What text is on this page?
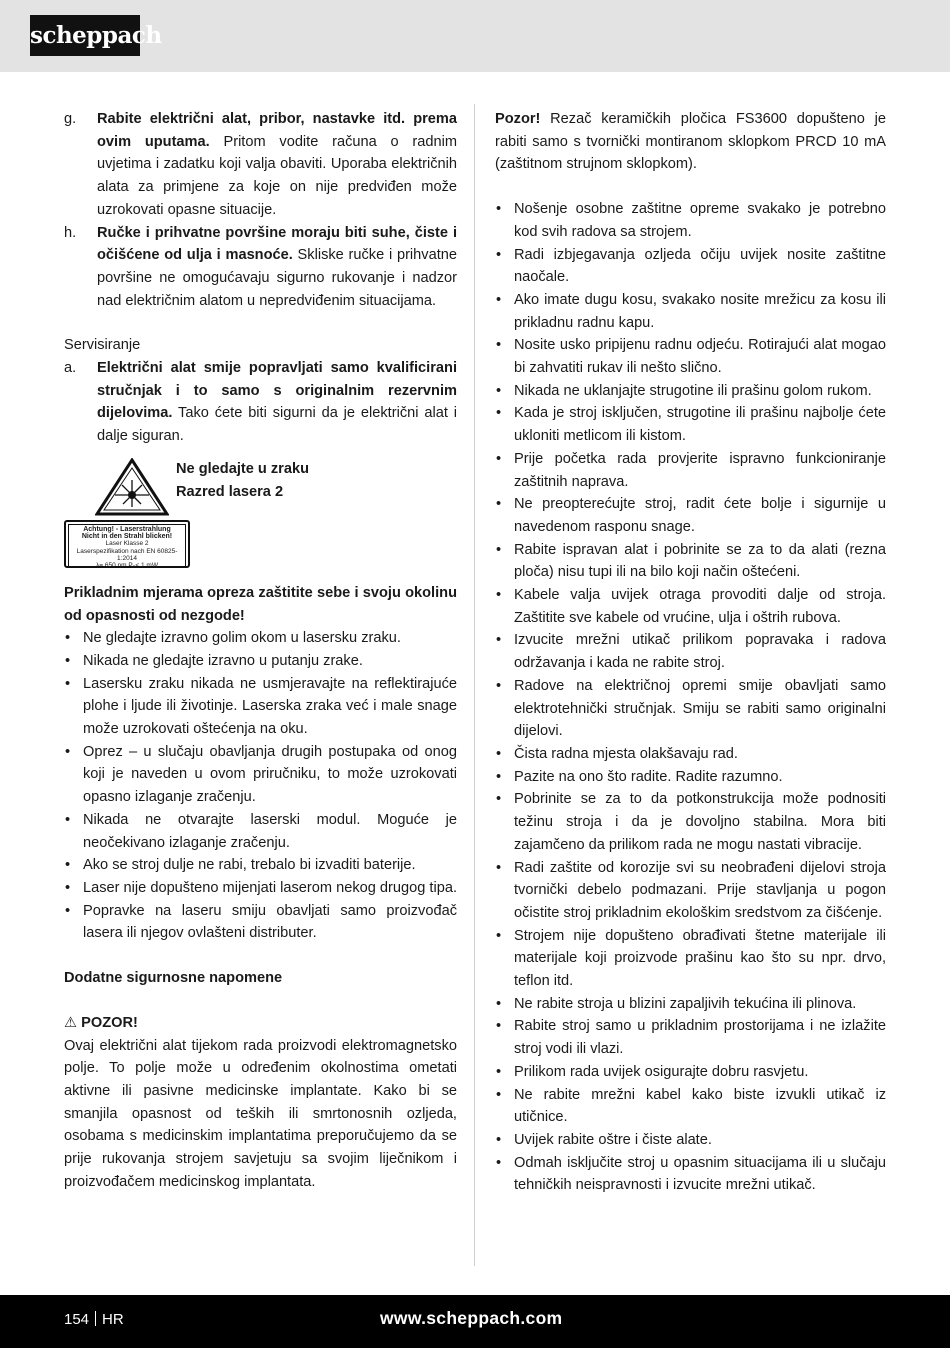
scheppach
g.	Rabite električni alat, pribor, nastavke itd. prema ovim uputama. Pritom vodite računa o radnim uvjetima i zadatku koji valja obaviti. Uporaba električnih alata za primjene za koje on nije predviđen može uzrokovati opasne situacije.
h.	Ručke i prihvatne površine moraju biti suhe, čiste i očišćene od ulja i masnoće. Skliske ručke i prihvatne površine ne omogućavaju sigurno rukovanje i nadzor nad električnim alatom u nepredviđenim situacijama.

Servisiranje

a.	Električni alat smije popravljati samo kvalificirani stručnjak i to samo s originalnim rezervnim dijelovima. Tako ćete biti sigurni da je električni alat i dalje siguran.
Ne gledajte u zraku
Razred lasera 2
Achtung! - Laserstrahlung
Nicht in den Strahl blicken!
Laser Klasse 2
Laserspezifikation nach EN 60825-1:2014
λ= 650 nm P₀< 1 mW

Prikladnim mjerama opreza zaštitite sebe i svoju okolinu od opasnosti od nezgode!

• Ne gledajte izravno golim okom u lasersku zraku.
• Nikada ne gledajte izravno u putanju zrake.
• Lasersku zraku nikada ne usmjeravajte na reflektirajuće plohe i ljude ili životinje. Laserska zraka već i male snage može uzrokovati oštećenja na oku.
• Oprez – u slučaju obavljanja drugih postupaka od onog koji je naveden u ovom priručniku, to može uzrokovati opasno izlaganje zračenju.
• Nikada ne otvarajte laserski modul. Moguće je neočekivano izlaganje zračenju.
• Ako se stroj dulje ne rabi, trebalo bi izvaditi baterije.
• Laser nije dopušteno mijenjati laserom nekog drugog tipa.
• Popravke na laseru smiju obavljati samo proizvođač lasera ili njegov ovlašteni distributer.

Dodatne sigurnosne napomene

⚠ POZOR!

Ovaj električni alat tijekom rada proizvodi elektromagnetsko polje. To polje može u određenim okolnostima ometati aktivne ili pasivne medicinske implantate. Kako bi se smanjila opasnost od teških ili smrtonosnih ozljeda, osobama s medicinskim implantatima preporučujemo da se prije rukovanja strojem savjetuju sa svojim liječnikom i proizvođačem medicinskog implantata.

Pozor! Rezač keramičkih pločica FS3600 dopušteno je rabiti samo s tvornički montiranom sklopkom PRCD 10 mA (zaštitnom strujnom sklopkom).

• Nošenje osobne zaštitne opreme svakako je potrebno kod svih radova sa strojem.
• Radi izbjegavanja ozljeda očiju uvijek nosite zaštitne naočale.
• Ako imate dugu kosu, svakako nosite mrežicu za kosu ili prikladnu radnu kapu.
• Nosite usko pripijenu radnu odjeću. Rotirajući alat mogao bi zahvatiti rukav ili nešto slično.
• Nikada ne uklanjajte strugotine ili prašinu golom rukom.
• Kada je stroj isključen, strugotine ili prašinu najbolje ćete ukloniti metlicom ili kistom.
• Prije početka rada provjerite ispravno funkcioniranje zaštitnih naprava.
• Ne preopterećujte stroj, radit ćete bolje i sigurnije u navedenom rasponu snage.
• Rabite ispravan alat i pobrinite se za to da alati (rezna ploča) nisu tupi ili na bilo koji način oštećeni.
• Kabele valja uvijek otraga provoditi dalje od stroja. Zaštitite sve kabele od vrućine, ulja i oštrih rubova.
• Izvucite mrežni utikač prilikom popravaka i radova održavanja i kada ne rabite stroj.
• Radove na električnoj opremi smije obavljati samo elektrotehnički stručnjak. Smiju se rabiti samo originalni dijelovi.
• Čista radna mjesta olakšavaju rad.
• Pazite na ono što radite. Radite razumno.
• Pobrinite se za to da potkonstrukcija može podnositi težinu stroja i da je dovoljno stabilna. Mora biti zajamčeno da prilikom rada ne mogu nastati vibracije.
• Radi zaštite od korozije svi su neobrađeni dijelovi stroja tvornički debelo podmazani. Prije stavljanja u pogon očistite stroj prikladnim ekološkim sredstvom za čišćenje.
• Strojem nije dopušteno obrađivati štetne materijale ili materijale koji proizvode prašinu kao što su npr. drvo, teflon itd.
• Ne rabite stroja u blizini zapaljivih tekućina ili plinova.
• Rabite stroj samo u prikladnim prostorijama i ne izlažite stroj vodi ili vlazi.
• Prilikom rada uvijek osigurajte dobru rasvjetu.
• Ne rabite mrežni kabel kako biste izvukli utikač iz utičnice.
• Uvijek rabite oštre i čiste alate.
• Odmah isključite stroj u opasnim situacijama ili u slučaju tehničkih neispravnosti i izvucite mrežni utikač.
154 HR	www.scheppach.com
